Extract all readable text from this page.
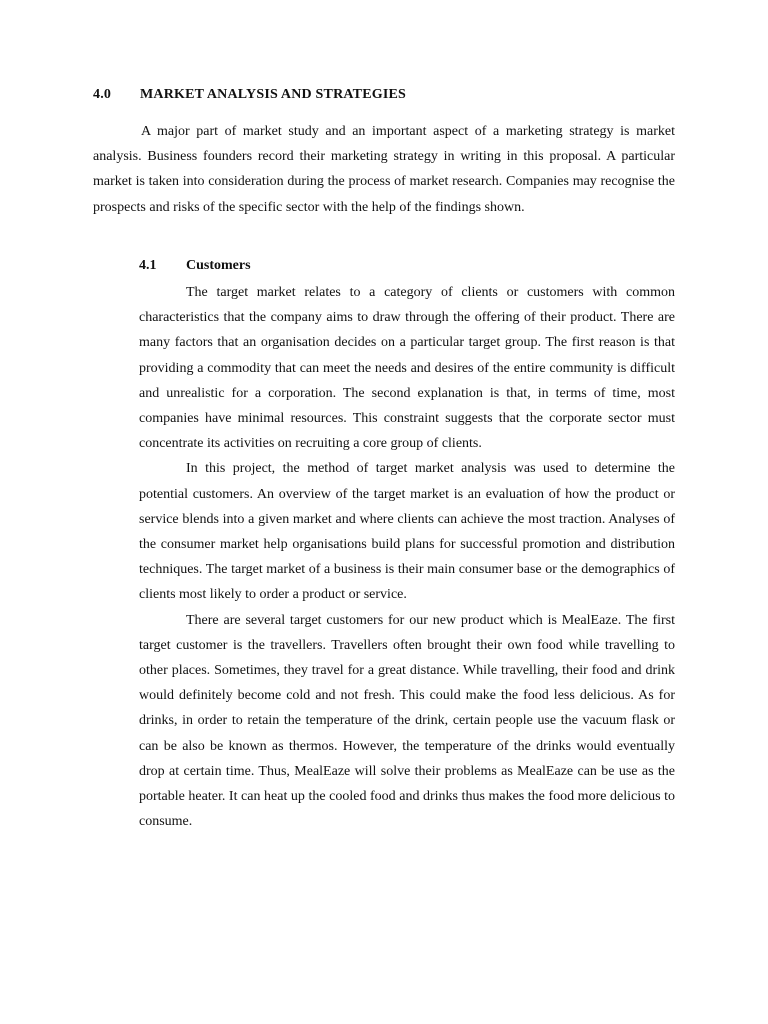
4.0 MARKET ANALYSIS AND STRATEGIES

A major part of market study and an important aspect of a marketing strategy is market analysis. Business founders record their marketing strategy in writing in this proposal. A particular market is taken into consideration during the process of market research. Companies may recognise the prospects and risks of the specific sector with the help of the findings shown.

4.1 Customers

The target market relates to a category of clients or customers with common characteristics that the company aims to draw through the offering of their product. There are many factors that an organisation decides on a particular target group. The first reason is that providing a commodity that can meet the needs and desires of the entire community is difficult and unrealistic for a corporation. The second explanation is that, in terms of time, most companies have minimal resources. This constraint suggests that the corporate sector must concentrate its activities on recruiting a core group of clients.

In this project, the method of target market analysis was used to determine the potential customers. An overview of the target market is an evaluation of how the product or service blends into a given market and where clients can achieve the most traction. Analyses of the consumer market help organisations build plans for successful promotion and distribution techniques. The target market of a business is their main consumer base or the demographics of clients most likely to order a product or service.

There are several target customers for our new product which is MealEaze. The first target customer is the travellers. Travellers often brought their own food while travelling to other places. Sometimes, they travel for a great distance. While travelling, their food and drink would definitely become cold and not fresh. This could make the food less delicious. As for drinks, in order to retain the temperature of the drink, certain people use the vacuum flask or can be also be known as thermos. However, the temperature of the drinks would eventually drop at certain time. Thus, MealEaze will solve their problems as MealEaze can be use as the portable heater. It can heat up the cooled food and drinks thus makes the food more delicious to consume.
